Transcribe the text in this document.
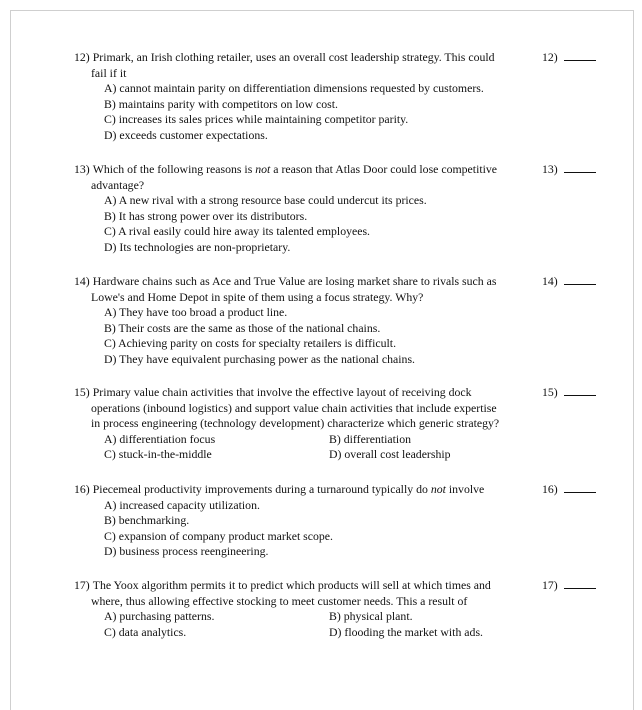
12) Primark, an Irish clothing retailer, uses an overall cost leadership strategy. This could
fail if it
A) cannot maintain parity on differentiation dimensions requested by customers.
B) maintains parity with competitors on low cost.
C) increases its sales prices while maintaining competitor parity.
D) exceeds customer expectations.
12)
13) Which of the following reasons is not a reason that Atlas Door could lose competitive
advantage?
A) A new rival with a strong resource base could undercut its prices.
B) It has strong power over its distributors.
C) A rival easily could hire away its talented employees.
D) Its technologies are non-proprietary.
13)
14) Hardware chains such as Ace and True Value are losing market share to rivals such as
Lowe's and Home Depot in spite of them using a focus strategy. Why?
A) They have too broad a product line.
B) Their costs are the same as those of the national chains.
C) Achieving parity on costs for specialty retailers is difficult.
D) They have equivalent purchasing power as the national chains.
14)
15) Primary value chain activities that involve the effective layout of receiving dock
operations (inbound logistics) and support value chain activities that include expertise
in process engineering (technology development) characterize which generic strategy?
A) differentiation focus	B) differentiation
C) stuck-in-the-middle	D) overall cost leadership
15)
16) Piecemeal productivity improvements during a turnaround typically do not involve
A) increased capacity utilization.
B) benchmarking.
C) expansion of company product market scope.
D) business process reengineering.
16)
17) The Yoox algorithm permits it to predict which products will sell at which times and
where, thus allowing effective stocking to meet customer needs. This a result of
A) purchasing patterns.	B) physical plant.
C) data analytics.	D) flooding the market with ads.
17)
